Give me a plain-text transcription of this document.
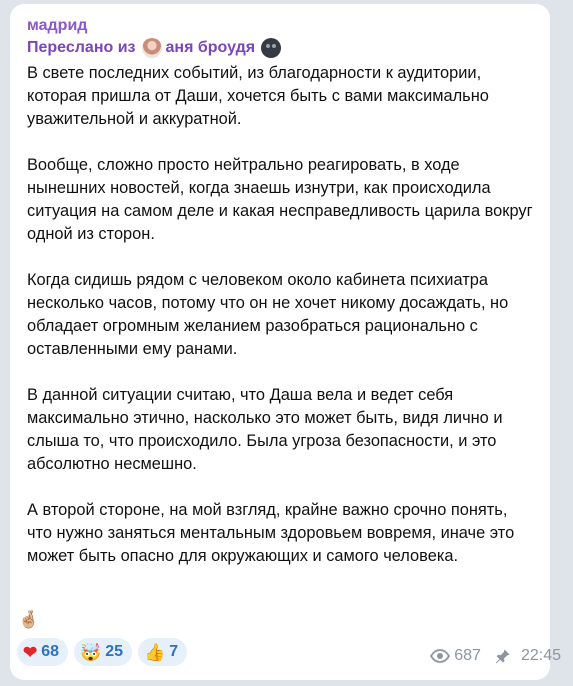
мадрид
Переслано из аня броудя

В свете последних событий, из благодарности к аудитории, которая пришла от Даши, хочется быть с вами максимально уважительной и аккуратной.

Вообще, сложно просто нейтрально реагировать, в ходе нынешних новостей, когда знаешь изнутри, как происходила ситуация на самом деле и какая несправедливость царила вокруг одной из сторон.

Когда сидишь рядом с человеком около кабинета психиатра несколько часов, потому что он не хочет никому досаждать, но обладает огромным желанием разобраться рационально с оставленными ему ранами.

В данной ситуации считаю, что Даша вела и ведет себя максимально этично, насколько это может быть, видя лично и слыша то, что происходило. Была угроза безопасности, и это абсолютно несмешно.

А второй стороне, на мой взгляд, крайне важно срочно понять, что нужно заняться ментальным здоровьем вовремя, иначе это может быть опасно для окружающих и самого человека.

🤞🏼
❤ 68 🤯 25 👍 7	687	22:45
